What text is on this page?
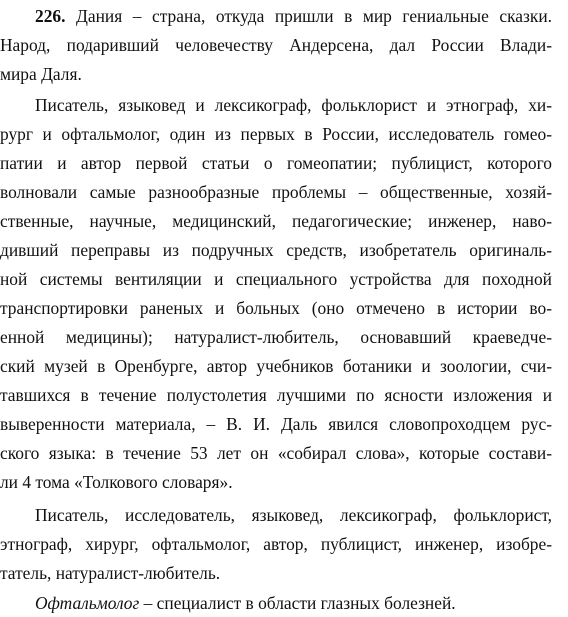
226. Дания – страна, откуда пришли в мир гениальные сказки.
Народ, подаривший человечеству Андерсена, дал России Влади-
мира Даля.
Писатель, языковед и лексикограф, фольклорист и этнограф, хи-
рург и офтальмолог, один из первых в России, исследователь гомео-
патии и автор первой статьи о гомеопатии; публицист, которого
волновали самые разнообразные проблемы – общественные, хозяй-
ственные, научные, медицинский, педагогические; инженер, наво-
дивший переправы из подручных средств, изобретатель оригиналь-
ной системы вентиляции и специального устройства для походной
транспортировки раненых и больных (оно отмечено в истории во-
енной медицины); натуралист-любитель, основавший краеведче-
ский музей в Оренбурге, автор учебников ботаники и зоологии, счи-
тавшихся в течение полустолетия лучшими по ясности изложения и
выверенности материала, – В. И. Даль явился словопроходцем рус-
ского языка: в течение 53 лет он «собирал слова», которые состави-
ли 4 тома «Толкового словаря».
Писатель, исследователь, языковед, лексикограф, фольклорист,
этнограф, хирург, офтальмолог, автор, публицист, инженер, изобре-
татель, натуралист-любитель.
Офтальмолог – специалист в области глазных болезней.
